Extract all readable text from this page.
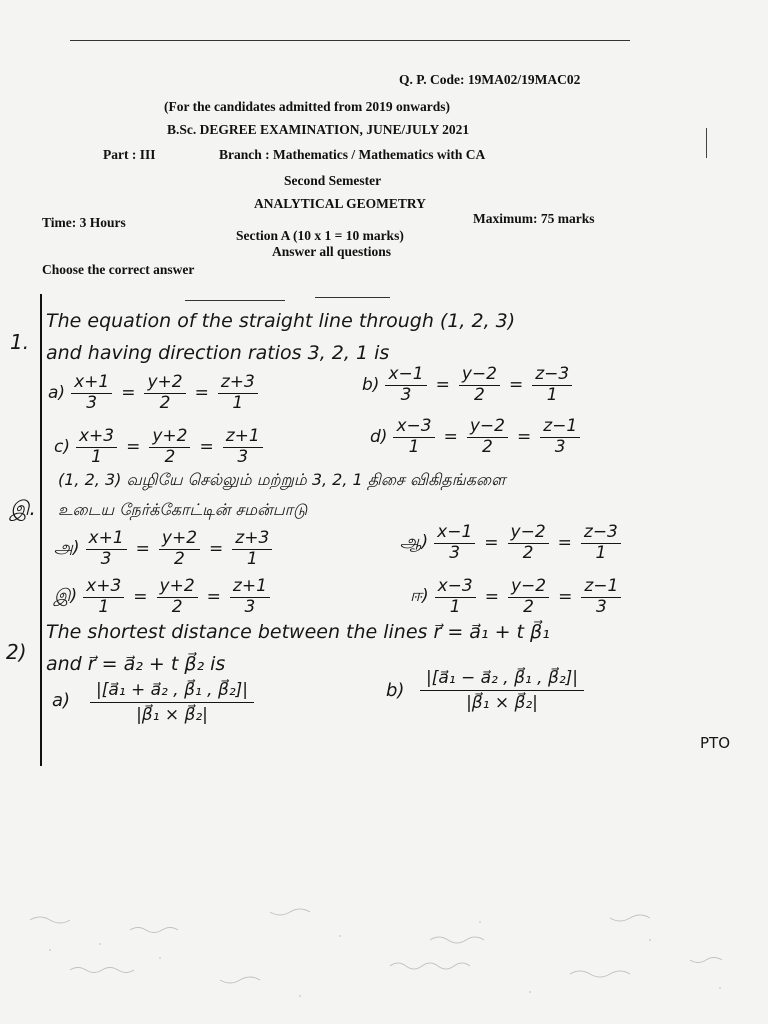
Q. P. Code: 19MA02/19MAC02
(For the candidates admitted from 2019 onwards)
B.Sc. DEGREE EXAMINATION, JUNE/JULY 2021
Part : III	Branch : Mathematics / Mathematics with CA
Second Semester
ANALYTICAL GEOMETRY
Time: 3 Hours	Maximum: 75 marks
Section A (10 x 1 = 10 marks)
Answer all questions
Choose the correct answer
1.
The equation of the straight line through (1, 2, 3)
and having direction ratios 3, 2, 1 is
$a) \frac{x+1}{3} = \frac{y+2}{2} = \frac{z+3}{1}$	$b) \frac{x-1}{3} = \frac{y-2}{2} = \frac{z-3}{1}$
$c) \frac{x+3}{1} = \frac{y+2}{2} = \frac{z+1}{3}$	$d) \frac{x-3}{1} = \frac{y-2}{2} = \frac{z-1}{3}$
இ.
(1, 2, 3) வழியே செல்லும் மற்றும் 3, 2, 1 திசை விகிதங்களை
உடைய நேர்க்கோட்டின் சமன்பாடு
அ) $\frac{x+1}{3} = \frac{y+2}{2} = \frac{z+3}{1}$	ஆ) $\frac{x-1}{3} = \frac{y-2}{2} = \frac{z-3}{1}$
இ) $\frac{x+3}{1} = \frac{y+2}{2} = \frac{z+1}{3}$	ஈ) $\frac{x-3}{1} = \frac{y-2}{2} = \frac{z-1}{3}$
2)
The shortest distance between the lines r⃗ = a⃗₁ + t β⃗₁
and r⃗ = a⃗₂ + t β⃗₂ is
$a) \frac{\text{|[a⃗₁ + a⃗₂ , β⃗₁ , β⃗₂]|}}{\text{|β⃗₁ × β⃗₂|}}$	$b) \frac{\text{|[a⃗₁ − a⃗₂ , β⃗₁ , β⃗₂]|}}{\text{|β⃗₁ × β⃗₂|}}$
PTO
